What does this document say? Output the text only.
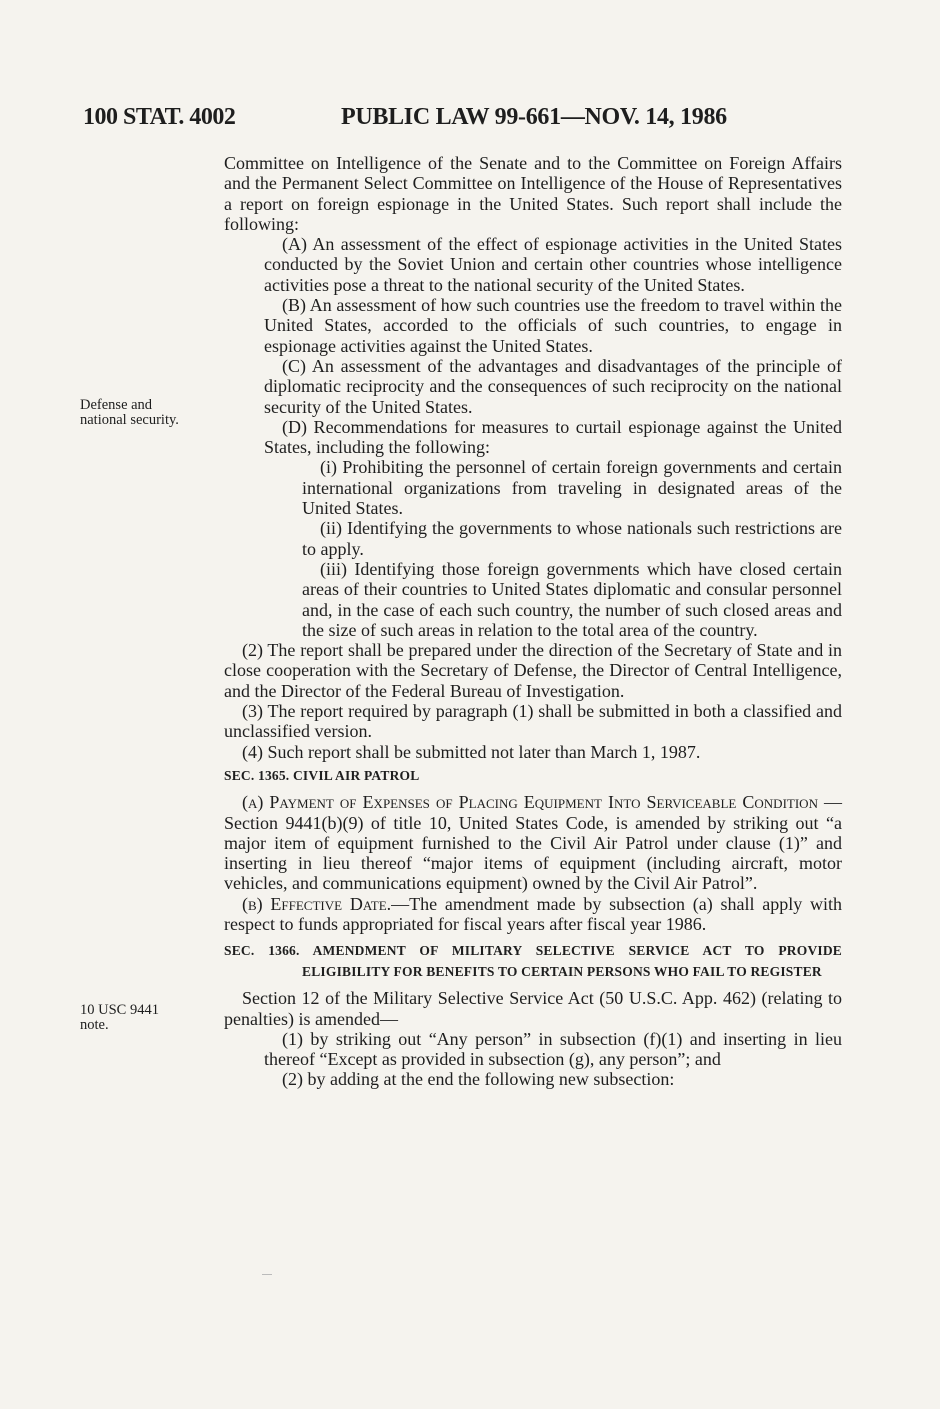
100 STAT. 4002	PUBLIC LAW 99-661—NOV. 14, 1986
Defense and national security.
10 USC 9441 note.

Committee on Intelligence of the Senate and to the Committee on Foreign Affairs and the Permanent Select Committee on Intelligence of the House of Representatives a report on foreign espionage in the United States. Such report shall include the following:

(A) An assessment of the effect of espionage activities in the United States conducted by the Soviet Union and certain other countries whose intelligence activities pose a threat to the national security of the United States.

(B) An assessment of how such countries use the freedom to travel within the United States, accorded to the officials of such countries, to engage in espionage activities against the United States.

(C) An assessment of the advantages and disadvantages of the principle of diplomatic reciprocity and the consequences of such reciprocity on the national security of the United States.

(D) Recommendations for measures to curtail espionage against the United States, including the following:

(i) Prohibiting the personnel of certain foreign governments and certain international organizations from traveling in designated areas of the United States.

(ii) Identifying the governments to whose nationals such restrictions are to apply.

(iii) Identifying those foreign governments which have closed certain areas of their countries to United States diplomatic and consular personnel and, in the case of each such country, the number of such closed areas and the size of such areas in relation to the total area of the country.

(2) The report shall be prepared under the direction of the Secretary of State and in close cooperation with the Secretary of Defense, the Director of Central Intelligence, and the Director of the Federal Bureau of Investigation.

(3) The report required by paragraph (1) shall be submitted in both a classified and unclassified version.

(4) Such report shall be submitted not later than March 1, 1987.

SEC. 1365. CIVIL AIR PATROL

(a) Payment of Expenses of Placing Equipment Into Serviceable Condition —Section 9441(b)(9) of title 10, United States Code, is amended by striking out “a major item of equipment furnished to the Civil Air Patrol under clause (1)” and inserting in lieu thereof “major items of equipment (including aircraft, motor vehicles, and communications equipment) owned by the Civil Air Patrol”.

(b) Effective Date.—The amendment made by subsection (a) shall apply with respect to funds appropriated for fiscal years after fiscal year 1986.

SEC. 1366. AMENDMENT OF MILITARY SELECTIVE SERVICE ACT TO PROVIDE ELIGIBILITY FOR BENEFITS TO CERTAIN PERSONS WHO FAIL TO REGISTER

Section 12 of the Military Selective Service Act (50 U.S.C. App. 462) (relating to penalties) is amended—

(1) by striking out “Any person” in subsection (f)(1) and inserting in lieu thereof “Except as provided in subsection (g), any person”; and

(2) by adding at the end the following new subsection:
